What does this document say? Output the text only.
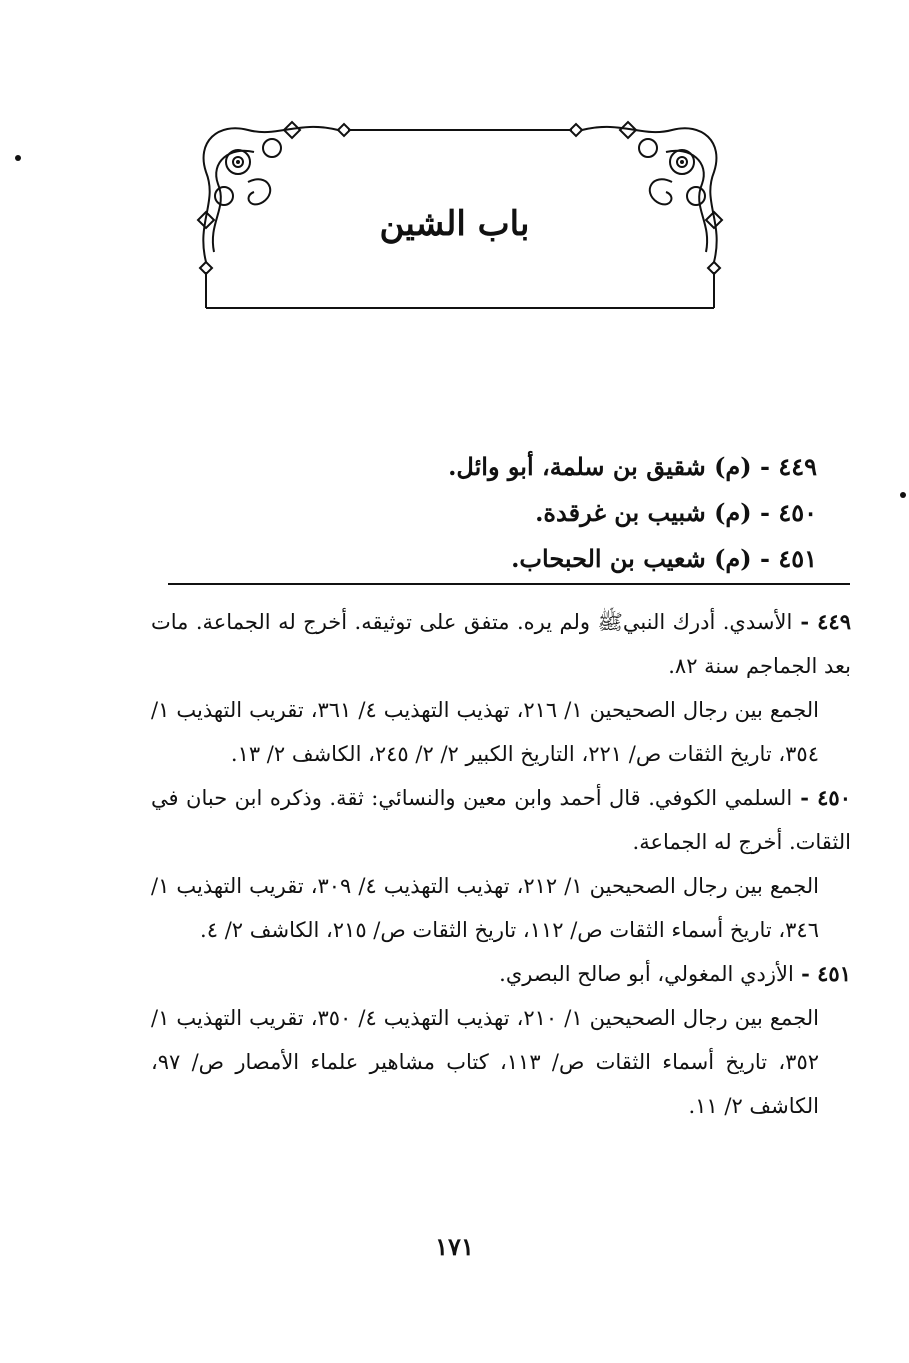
باب الشين
٤٤٩ - (م) شقيق بن سلمة، أبو وائل.
٤٥٠ - (م) شبيب بن غرقدة.
٤٥١ - (م) شعيب بن الحبحاب.

٤٤٩ - الأسدي. أدرك النبيﷺ ولم يره. متفق على توثيقه. أخرج له الجماعة. مات بعد الجماجم سنة ٨٢.

الجمع بين رجال الصحيحين ١/ ٢١٦، تهذيب التهذيب ٤/ ٣٦١، تقريب التهذيب ١/ ٣٥٤، تاريخ الثقات ص/ ٢٢١، التاريخ الكبير ٢/ ٢/ ٢٤٥، الكاشف ٢/ ١٣.

٤٥٠ - السلمي الكوفي. قال أحمد وابن معين والنسائي: ثقة. وذكره ابن حبان في الثقات. أخرج له الجماعة.

الجمع بين رجال الصحيحين ١/ ٢١٢، تهذيب التهذيب ٤/ ٣٠٩، تقريب التهذيب ١/ ٣٤٦، تاريخ أسماء الثقات ص/ ١١٢، تاريخ الثقات ص/ ٢١٥، الكاشف ٢/ ٤.

٤٥١ - الأزدي المغولي، أبو صالح البصري.

الجمع بين رجال الصحيحين ١/ ٢١٠، تهذيب التهذيب ٤/ ٣٥٠، تقريب التهذيب ١/ ٣٥٢، تاريخ أسماء الثقات ص/ ١١٣، كتاب مشاهير علماء الأمصار ص/ ٩٧، الكاشف ٢/ ١١.

١٧١
